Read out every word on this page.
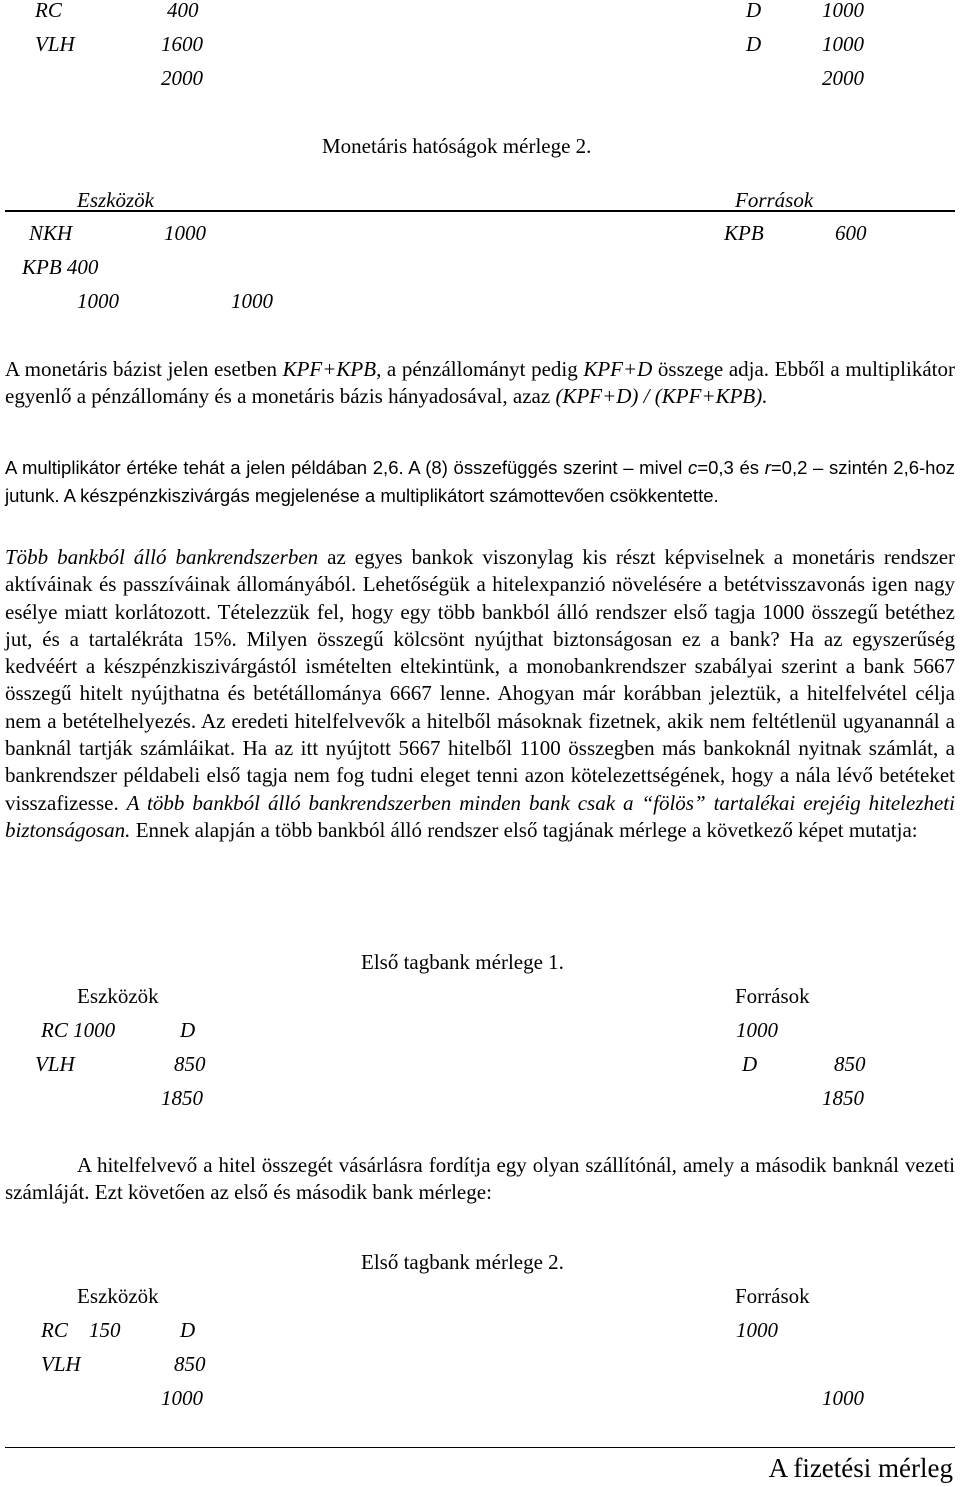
RC	400	D	1000
VLH	1600	D	1000
2000	2000
Monetáris hatóságok mérlege 2.
Eszközök	Források
NKH	1000	KPB	600
KPB 400
1000	1000
A monetáris bázist jelen esetben KPF+KPB, a pénzállományt pedig KPF+D összege adja. Ebből a multiplikátor egyenlő a pénzállomány és a monetáris bázis hányadosával, azaz (KPF+D) / (KPF+KPB).
A multiplikátor értéke tehát a jelen példában 2,6. A (8) összefüggés szerint – mivel c=0,3 és r=0,2 – szintén 2,6-hoz jutunk. A készpénzkiszivárgás megjelenése a multiplikátort számottevően csökkentette.
Több bankból álló bankrendszerben az egyes bankok viszonylag kis részt képviselnek a monetáris rendszer aktíváinak és passzíváinak állományából. Lehetőségük a hitelexpanzió növelésére a betétvisszavonás igen nagy esélye miatt korlátozott. Tételezzük fel, hogy egy több bankból álló rendszer első tagja 1000 összegű betéthez jut, és a tartalékráta 15%. Milyen összegű kölcsönt nyújthat biztonságosan ez a bank? Ha az egyszerűség kedvéért a készpénzkiszivárgástól ismételten eltekintünk, a monobankrendszer szabályai szerint a bank 5667 összegű hitelt nyújthatna és betétállománya 6667 lenne. Ahogyan már korábban jeleztük, a hitelfelvétel célja nem a betételhelyezés. Az eredeti hitelfelvevők a hitelből másoknak fizetnek, akik nem feltétlenül ugyanannál a banknál tartják számláikat. Ha az itt nyújtott 5667 hitelből 1100 összegben más bankoknál nyitnak számlát, a bankrendszer példabeli első tagja nem fog tudni eleget tenni azon kötelezettségének, hogy a nála lévő betéteket visszafizesse. A több bankból álló bankrendszerben minden bank csak a “fölös” tartalékai erejéig hitelezheti biztonságosan. Ennek alapján a több bankból álló rendszer első tagjának mérlege a következő képet mutatja:
Első tagbank mérlege 1.
Eszközök	Források
RC 1000	D	1000
VLH	850	D	850
1850	1850
A hitelfelvevő a hitel összegét vásárlásra fordítja egy olyan szállítónál, amely a második banknál vezeti számláját. Ezt követően az első és második bank mérlege:
Első tagbank mérlege 2.
Eszközök	Források
RC 150	D	1000
VLH	850
1000	1000
A fizetési mérleg
